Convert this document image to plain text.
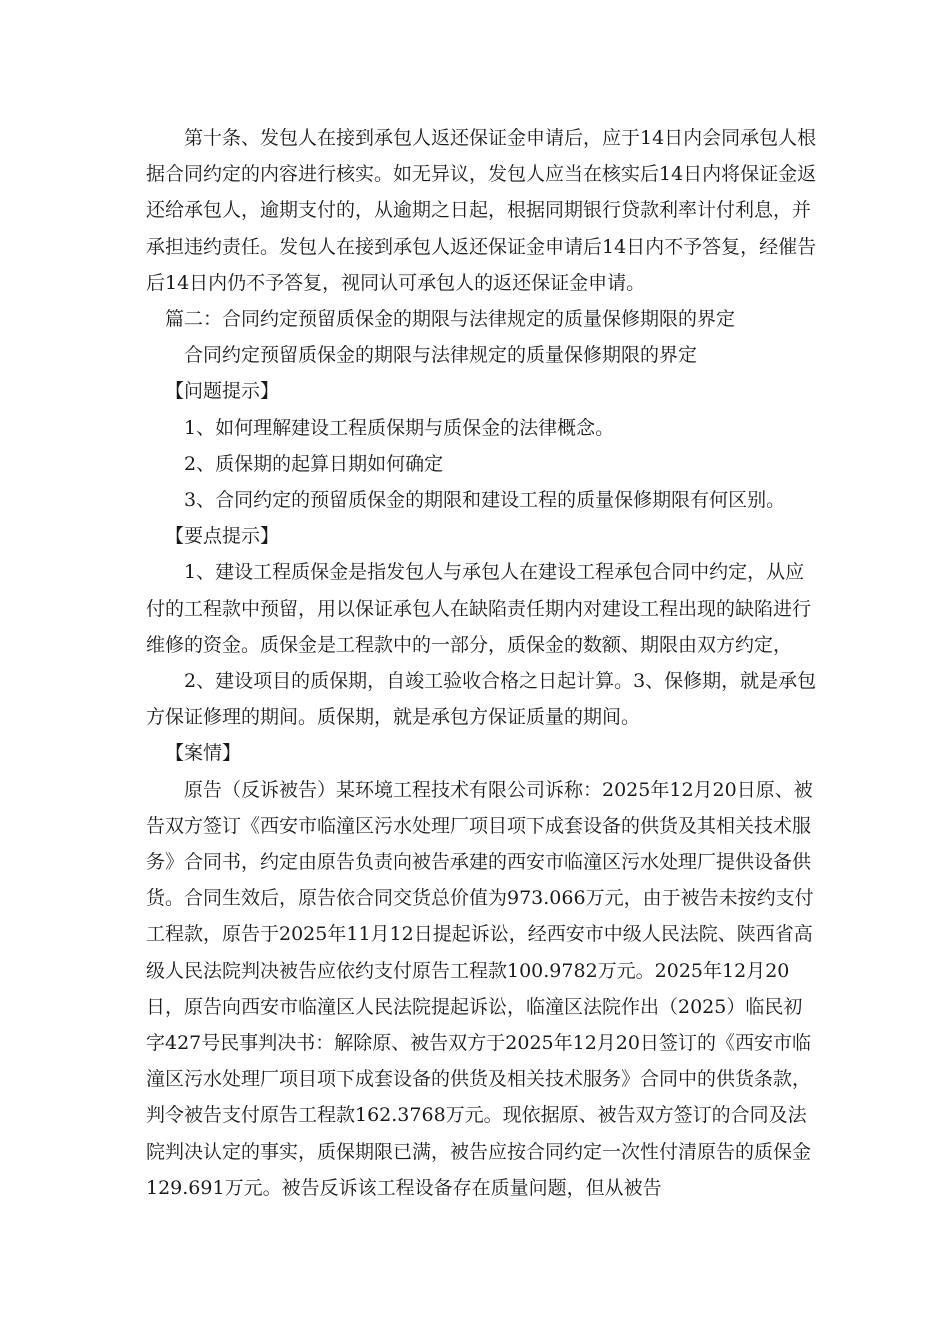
第十条、发包人在接到承包人返还保证金申请后，应于14日内会同承包人根据合同约定的内容进行核实。如无异议，发包人应当在核实后14日内将保证金返还给承包人，逾期支付的，从逾期之日起，根据同期银行贷款利率计付利息，并承担违约责任。发包人在接到承包人返还保证金申请后14日内不予答复，经催告后14日内仍不予答复，视同认可承包人的返还保证金申请。

篇二：合同约定预留质保金的期限与法律规定的质量保修期限的界定

合同约定预留质保金的期限与法律规定的质量保修期限的界定

【问题提示】

1、如何理解建设工程质保期与质保金的法律概念。

2、质保期的起算日期如何确定

3、合同约定的预留质保金的期限和建设工程的质量保修期限有何区别。

【要点提示】

1、建设工程质保金是指发包人与承包人在建设工程承包合同中约定，从应付的工程款中预留，用以保证承包人在缺陷责任期内对建设工程出现的缺陷进行维修的资金。质保金是工程款中的一部分，质保金的数额、期限由双方约定，

2、建设项目的质保期，自竣工验收合格之日起计算。3、保修期，就是承包方保证修理的期间。质保期，就是承包方保证质量的期间。

【案情】

原告（反诉被告）某环境工程技术有限公司诉称：2025年12月20日原、被告双方签订《西安市临潼区污水处理厂项目项下成套设备的供货及其相关技术服务》合同书，约定由原告负责向被告承建的西安市临潼区污水处理厂提供设备供货。合同生效后，原告依合同交货总价值为973.066万元，由于被告未按约支付工程款，原告于2025年11月12日提起诉讼，经西安市中级人民法院、陕西省高级人民法院判决被告应依约支付原告工程款100.9782万元。2025年12月20日，原告向西安市临潼区人民法院提起诉讼，临潼区法院作出（2025）临民初字427号民事判决书：解除原、被告双方于2025年12月20日签订的《西安市临潼区污水处理厂项目项下成套设备的供货及相关技术服务》合同中的供货条款，判令被告支付原告工程款162.3768万元。现依据原、被告双方签订的合同及法院判决认定的事实，质保期限已满，被告应按合同约定一次性付清原告的质保金129.691万元。被告反诉该工程设备存在质量问题，但从被告
